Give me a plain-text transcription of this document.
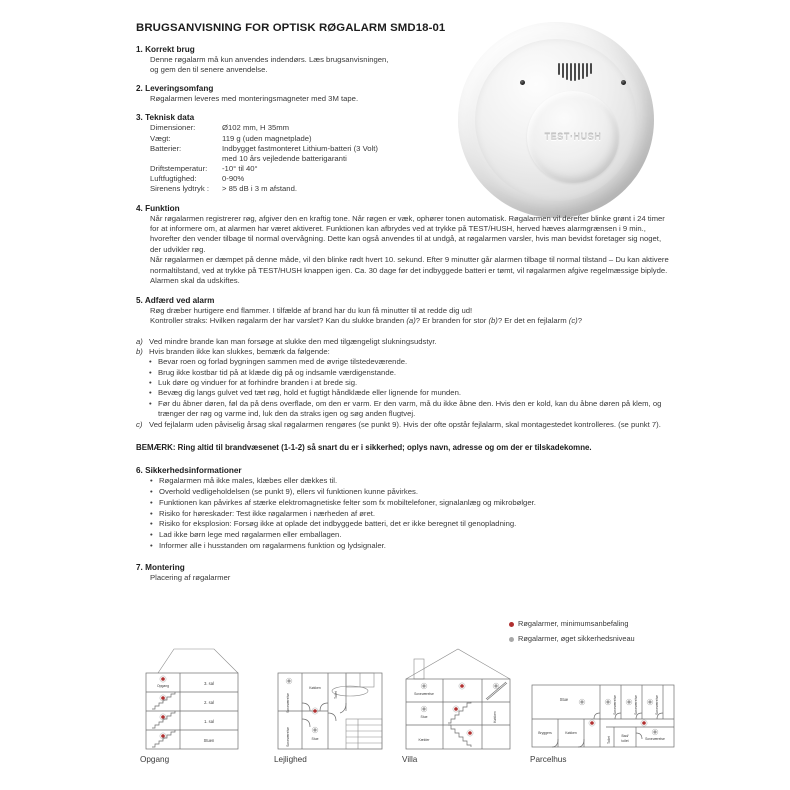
TEST·HUSH
BRUGSANVISNING FOR OPTISK RØGALARM SMD18-01
1. Korrekt brug

Denne røgalarm må kun anvendes indendørs. Læs brugsanvisningen,

og gem den til senere anvendelse.

2. Leveringsomfang

Røgalarmen leveres med monteringsmagneter med 3M tape.

3. Teknisk data
Dimensioner:	Ø102 mm, H 35mm
Vægt:	119 g (uden magnetplade)
Batterier:	Indbygget fastmonteret Lithium-batteri (3 Volt)
med 10 års vejledende batterigaranti
Driftstemperatur:	-10° til 40°
Luftfugtighed:	0-90%
Sirenens lydtryk :	> 85 dB i 3 m afstand.
4. Funktion

Når røgalarmen registrerer røg, afgiver den en kraftig tone. Når røgen er væk, ophører tonen automatisk. Røgalarmen vil derefter blinke grønt i 24 timer for at informere om, at alarmen har været aktiveret. Funktionen kan afbrydes ved at trykke på TEST/HUSH, herved hæves alarmgrænsen i 9 min., hvorefter den vender tilbage til normal overvågning. Dette kan også anvendes til at undgå, at røgalarmen varsler, hvis man bevidst foretager sig noget, der udvikler røg.

Når røgalarmen er dæmpet på denne måde, vil den blinke rødt hvert 10. sekund. Efter 9 minutter går alarmen tilbage til normal tilstand – Du kan aktivere normaltilstand, ved at trykke på TEST/HUSH knappen igen. Ca. 30 dage før det indbyggede batteri er tømt, vil røgalarmen afgive regelmæssige biplyde. Alarmen skal da udskiftes.

5. Adfærd ved alarm

Røg dræber hurtigere end flammer. I tilfælde af brand har du kun få minutter til at redde dig ud!

Kontroller straks: Hvilken røgalarm der har varslet? Kan du slukke branden (a)? Er branden for stor (b)? Er det en fejlalarm (c)?

a) Ved mindre brande kan man forsøge at slukke den med tilgængeligt slukningsudstyr.
b) Hvis branden ikke kan slukkes, bemærk da følgende:
• Bevar roen og forlad bygningen sammen med de øvrige tilstedeværende.
• Brug ikke kostbar tid på at klæde dig på og indsamle værdigenstande.
• Luk døre og vinduer for at forhindre branden i at brede sig.
• Bevæg dig langs gulvet ved tæt røg, hold et fugtigt håndklæde eller lignende for munden.
• Før du åbner døren, føl da på dens overflade, om den er varm. Er den varm, må du ikke åbne den. Hvis den er kold, kan du åbne døren på klem, og trænger der røg og varme ind, luk den da straks igen og søg anden flugtvej.
c) Ved fejlalarm uden påviselig årsag skal røgalarmen rengøres (se punkt 9). Hvis der ofte opstår fejlalarm, skal montagestedet kontrolleres. (se punkt 7).

BEMÆRK: Ring altid til brandvæsenet (1-1-2) så snart du er i sikkerhed; oplys navn, adresse og om der er tilskadekomne.

6. Sikkerhedsinformationer
• Røgalarmen må ikke males, klæbes eller dækkes til.
• Overhold vedligeholdelsen (se punkt 9), ellers vil funktionen kunne påvirkes.
• Funktionen kan påvirkes af stærke elektromagnetiske felter som fx mobiltelefoner, signalanlæg og mikrobølger.
• Risiko for høreskader: Test ikke røgalarmen i nærheden af øret.
• Risiko for eksplosion: Forsøg ikke at oplade det indbyggede batteri, det er ikke beregnet til genopladning.
• Lad ikke børn lege med røgalarmen eller emballagen.
• Informer alle i husstanden om røgalarmens funktion og lydsignaler.
7. Montering

Placering af røgalarmer

Røgalarmer, minimumsanbefaling
Røgalarmer, øget sikkerhedsniveau
Opgang	3. sal
2. sal
1. sal
Stuen
Opgang
Soveværelse
Soveværelse
Køkken
Toilet
Stue
Lejlighed
Soveværelse
Stue
Kælder
Køkken
Villa
Stue	Soveværelse	Soveværelse	Soveværelse
Bryggers	Køkken
Toilet
Bad/
toilet	Soveværelse
Parcelhus
